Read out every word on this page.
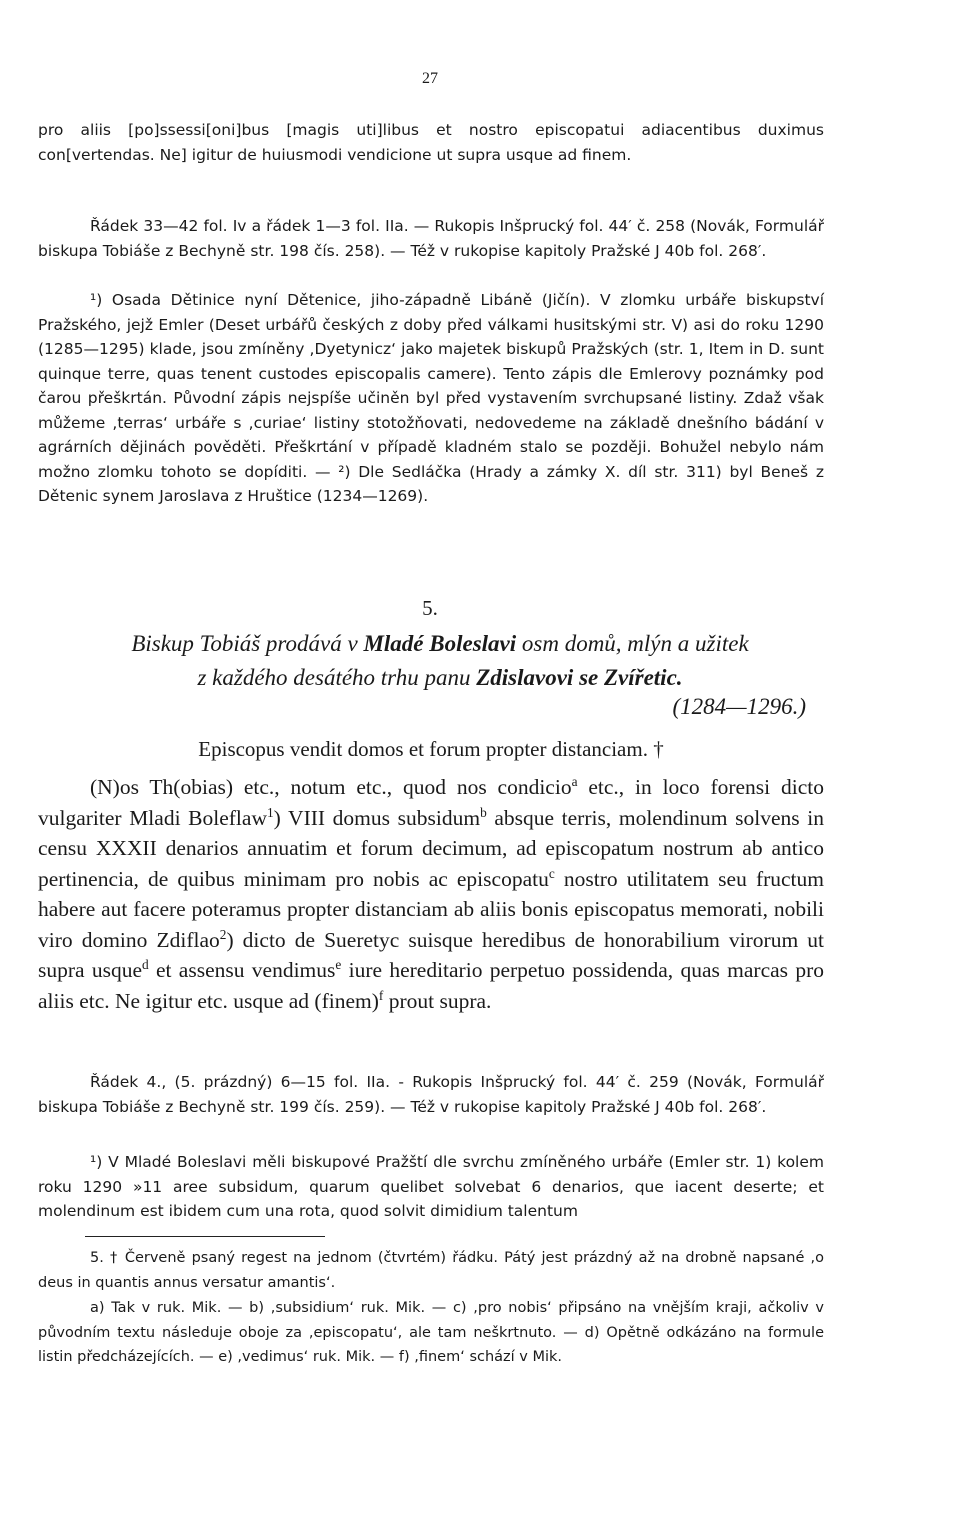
27

pro aliis [po]ssessi[oni]bus [magis uti]libus et nostro episcopatui adiacentibus duximus con[vertendas. Ne] igitur de huiusmodi vendicione ut supra usque ad finem.

Řádek 33—42 fol. Iv a řádek 1—3 fol. IIa. — Rukopis Inšprucký fol. 44′ č. 258 (Novák, Formulář biskupa Tobiáše z Bechyně str. 198 čís. 258). — Též v rukopise kapitoly Pražské J 40b fol. 268′.

¹) Osada Dětinice nyní Dětenice, jiho-západně Libáně (Jičín). V zlomku urbáře biskupství Pražského, jejž Emler (Deset urbářů českých z doby před válkami husitskými str. V) asi do roku 1290 (1285—1295) klade, jsou zmíněny ,Dyetynicz‘ jako majetek biskupů Pražských (str. 1, Item in D. sunt quinque terre, quas tenent custodes episcopalis camere). Tento zápis dle Emlerovy poznámky pod čarou přeškrtán. Původní zápis nejspíše učiněn byl před vystavením svrchupsané listiny. Zdaž však můžeme ,terras‘ urbáře s ,curiae‘ listiny stotožňovati, nedovedeme na základě dnešního bádání v agrárních dějinách pověděti. Přeškrtání v případě kladném stalo se později. Bohužel nebylo nám možno zlomku tohoto se dopíditi. — ²) Dle Sedláčka (Hrady a zámky X. díl str. 311) byl Beneš z Dětenic synem Jaroslava z Hruštice (1234—1269).

5.

Biskup Tobiáš prodává v Mladé Boleslavi osm domů, mlýn a užitek
z každého desátého trhu panu Zdislavovi se Zvířetic.

(1284—1296.)

Episcopus vendit domos et forum propter distanciam. †

(N)os Th(obias) etc., notum etc., quod nos condicio$^a$ etc., in loco forensi dicto vulgariter Mladi Boleflaw$^1$) VIII domus subsidum$^b$ absque terris, molendinum solvens in censu XXXII denarios annuatim et forum decimum, ad episcopatum nostrum ab antico pertinencia, de quibus minimam pro nobis ac episcopatu$^c$ nostro utilitatem seu fructum habere aut facere poteramus propter distanciam ab aliis bonis episcopatus memorati, nobili viro domino Zdiflao$^2$) dicto de Sueretyc suisque heredibus de honorabilium virorum ut supra usque$^d$ et assensu vendimus$^e$ iure hereditario perpetuo possidenda, quas marcas pro aliis etc. Ne igitur etc. usque ad (finem)$^f$ prout supra.

Řádek 4., (5. prázdný) 6—15 fol. IIa. - Rukopis Inšprucký fol. 44′ č. 259 (Novák, Formulář biskupa Tobiáše z Bechyně str. 199 čís. 259). — Též v rukopise kapitoly Pražské J 40b fol. 268′.

¹) V Mladé Boleslavi měli biskupové Pražští dle svrchu zmíněného urbáře (Emler str. 1) kolem roku 1290 »11 aree subsidum, quarum quelibet solvebat 6 denarios, que iacent deserte; et molendinum est ibidem cum una rota, quod solvit dimidium talentum

5. † Červeně psaný regest na jednom (čtvrtém) řádku. Pátý jest prázdný až na drobně napsané ,o deus in quantis annus versatur amantis‘.

a) Tak v ruk. Mik. — b) ,subsidium‘ ruk. Mik. — c) ,pro nobis‘ připsáno na vnějším kraji, ačkoliv v původním textu následuje oboje za ,episcopatu‘, ale tam neškrtnuto. — d) Opětně odkázáno na formule listin předcházejících. — e) ,vedimus‘ ruk. Mik. — f) ,finem‘ schází v Mik.
